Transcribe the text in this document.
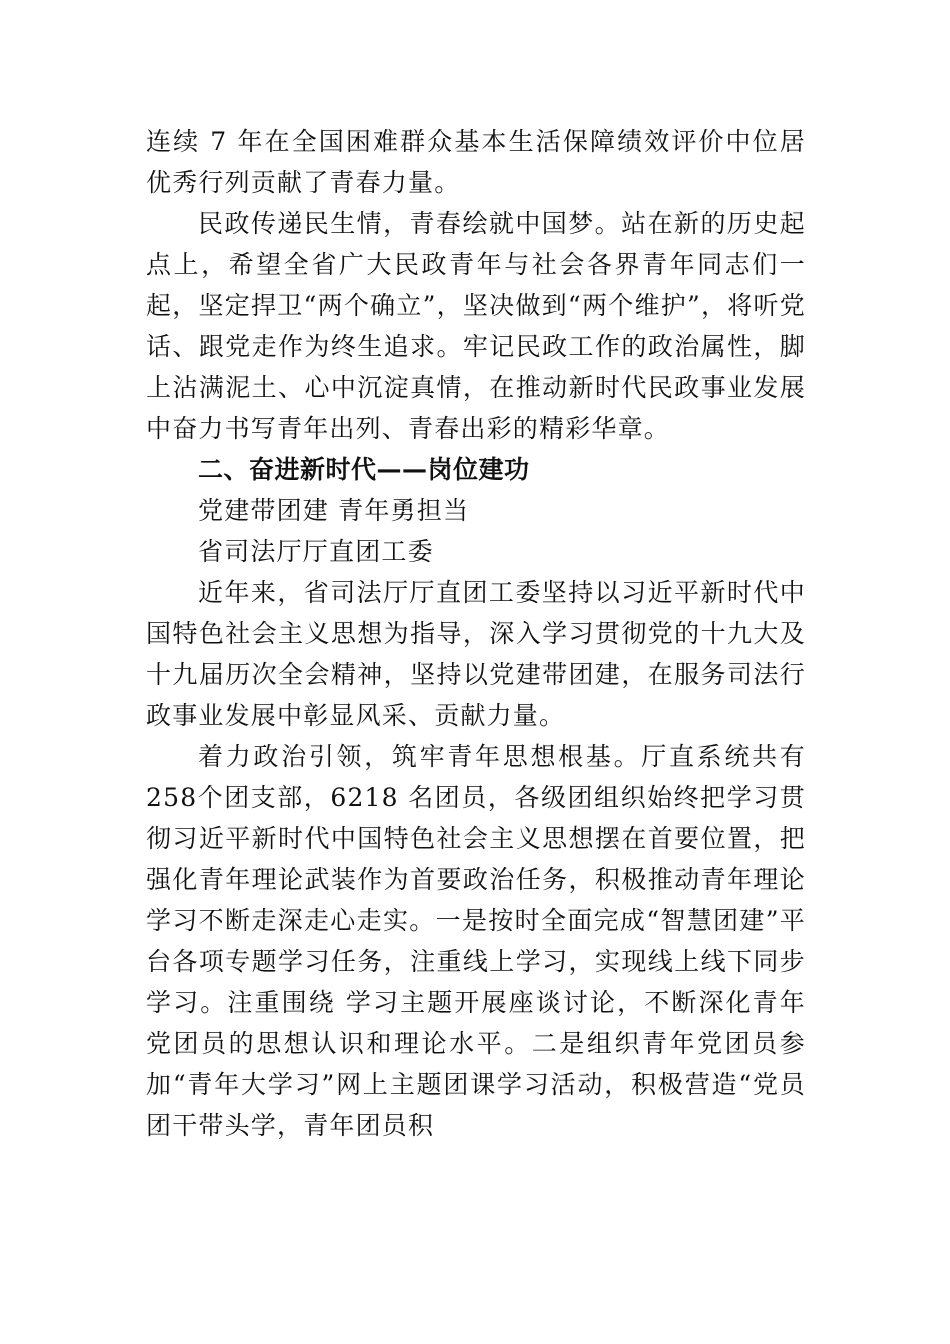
连续 7 年在全国困难群众基本生活保障绩效评价中位居优秀行列贡献了青春力量。

民政传递民生情，青春绘就中国梦。站在新的历史起点上，希望全省广大民政青年与社会各界青年同志们一起，坚定捍卫“两个确立”，坚决做到“两个维护”，将听党话、跟党走作为终生追求。牢记民政工作的政治属性，脚上沾满泥土、心中沉淀真情，在推动新时代民政事业发展中奋力书写青年出列、青春出彩的精彩华章。

二、奋进新时代——岗位建功

党建带团建 青年勇担当

省司法厅厅直团工委

近年来，省司法厅厅直团工委坚持以习近平新时代中国特色社会主义思想为指导，深入学习贯彻党的十九大及十九届历次全会精神，坚持以党建带团建，在服务司法行政事业发展中彰显风采、贡献力量。

着力政治引领，筑牢青年思想根基。厅直系统共有 258个团支部，6218 名团员，各级团组织始终把学习贯彻习近平新时代中国特色社会主义思想摆在首要位置，把强化青年理论武装作为首要政治任务，积极推动青年理论学习不断走深走心走实。一是按时全面完成“智慧团建”平台各项专题学习任务，注重线上学习，实现线上线下同步学习。注重围绕 学习主题开展座谈讨论，不断深化青年党团员的思想认识和理论水平。二是组织青年党团员参加“青年大学习”网上主题团课学习活动，积极营造“党员团干带头学，青年团员积
